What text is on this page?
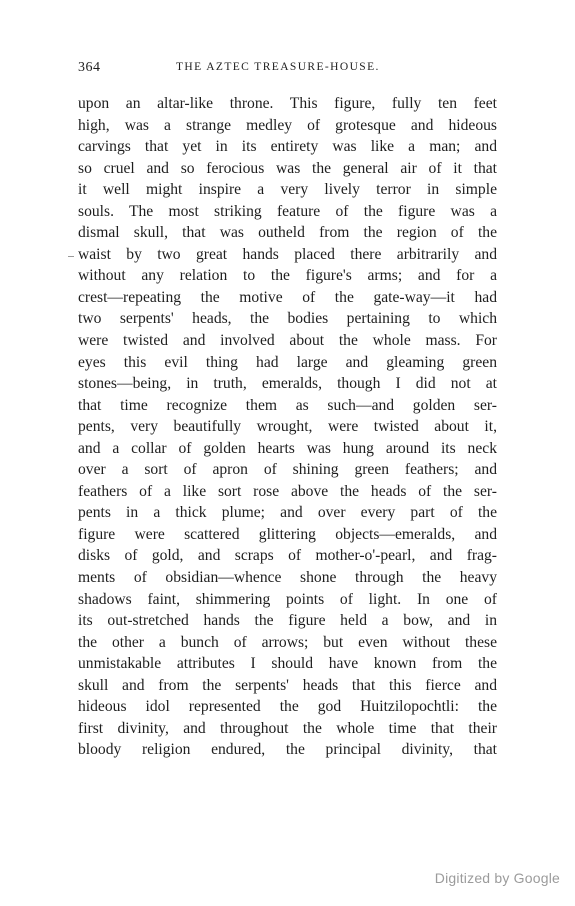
364	THE AZTEC TREASURE-HOUSE.
upon an altar-like throne. This figure, fully ten feet
high, was a strange medley of grotesque and hideous
carvings that yet in its entirety was like a man; and
so cruel and so ferocious was the general air of it that
it well might inspire a very lively terror in simple
souls. The most striking feature of the figure was a
dismal skull, that was outheld from the region of the
waist by two great hands placed there arbitrarily and
without any relation to the figure's arms; and for a
crest—repeating the motive of the gate-way—it had
two serpents' heads, the bodies pertaining to which
were twisted and involved about the whole mass. For
eyes this evil thing had large and gleaming green
stones—being, in truth, emeralds, though I did not at
that time recognize them as such—and golden ser-
pents, very beautifully wrought, were twisted about it,
and a collar of golden hearts was hung around its neck
over a sort of apron of shining green feathers; and
feathers of a like sort rose above the heads of the ser-
pents in a thick plume; and over every part of the
figure were scattered glittering objects—emeralds, and
disks of gold, and scraps of mother-o'-pearl, and frag-
ments of obsidian—whence shone through the heavy
shadows faint, shimmering points of light. In one of
its out-stretched hands the figure held a bow, and in
the other a bunch of arrows; but even without these
unmistakable attributes I should have known from the
skull and from the serpents' heads that this fierce and
hideous idol represented the god Huitzilopochtli: the
first divinity, and throughout the whole time that their
bloody religion endured, the principal divinity, that
Digitized by Google
